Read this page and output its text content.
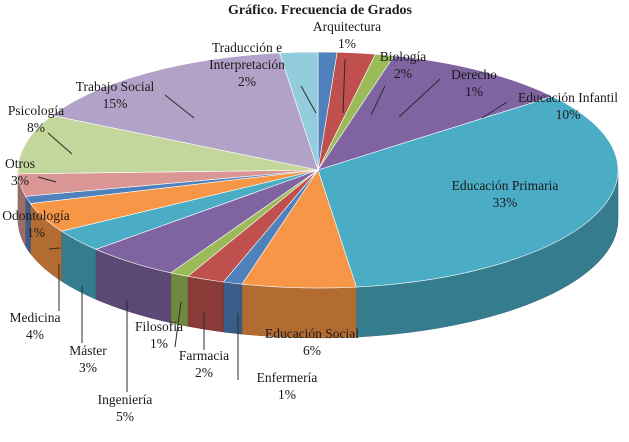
Gráfico. Frecuencia de Grados
Arquitectura 1%
Biología 2%	Derecho 1%	Educación Infantil 10%
Educación Primaria 33%
Educación Social 6%
Enfermería 1%
Farmacia 2%
Filosofía 1%
Ingeniería 5%
Máster 3%
Medicina 4%
Odontología 1%
Otros 3%
Psicología 8%
Trabajo Social 15%
Traducción e Interpretación 2%
